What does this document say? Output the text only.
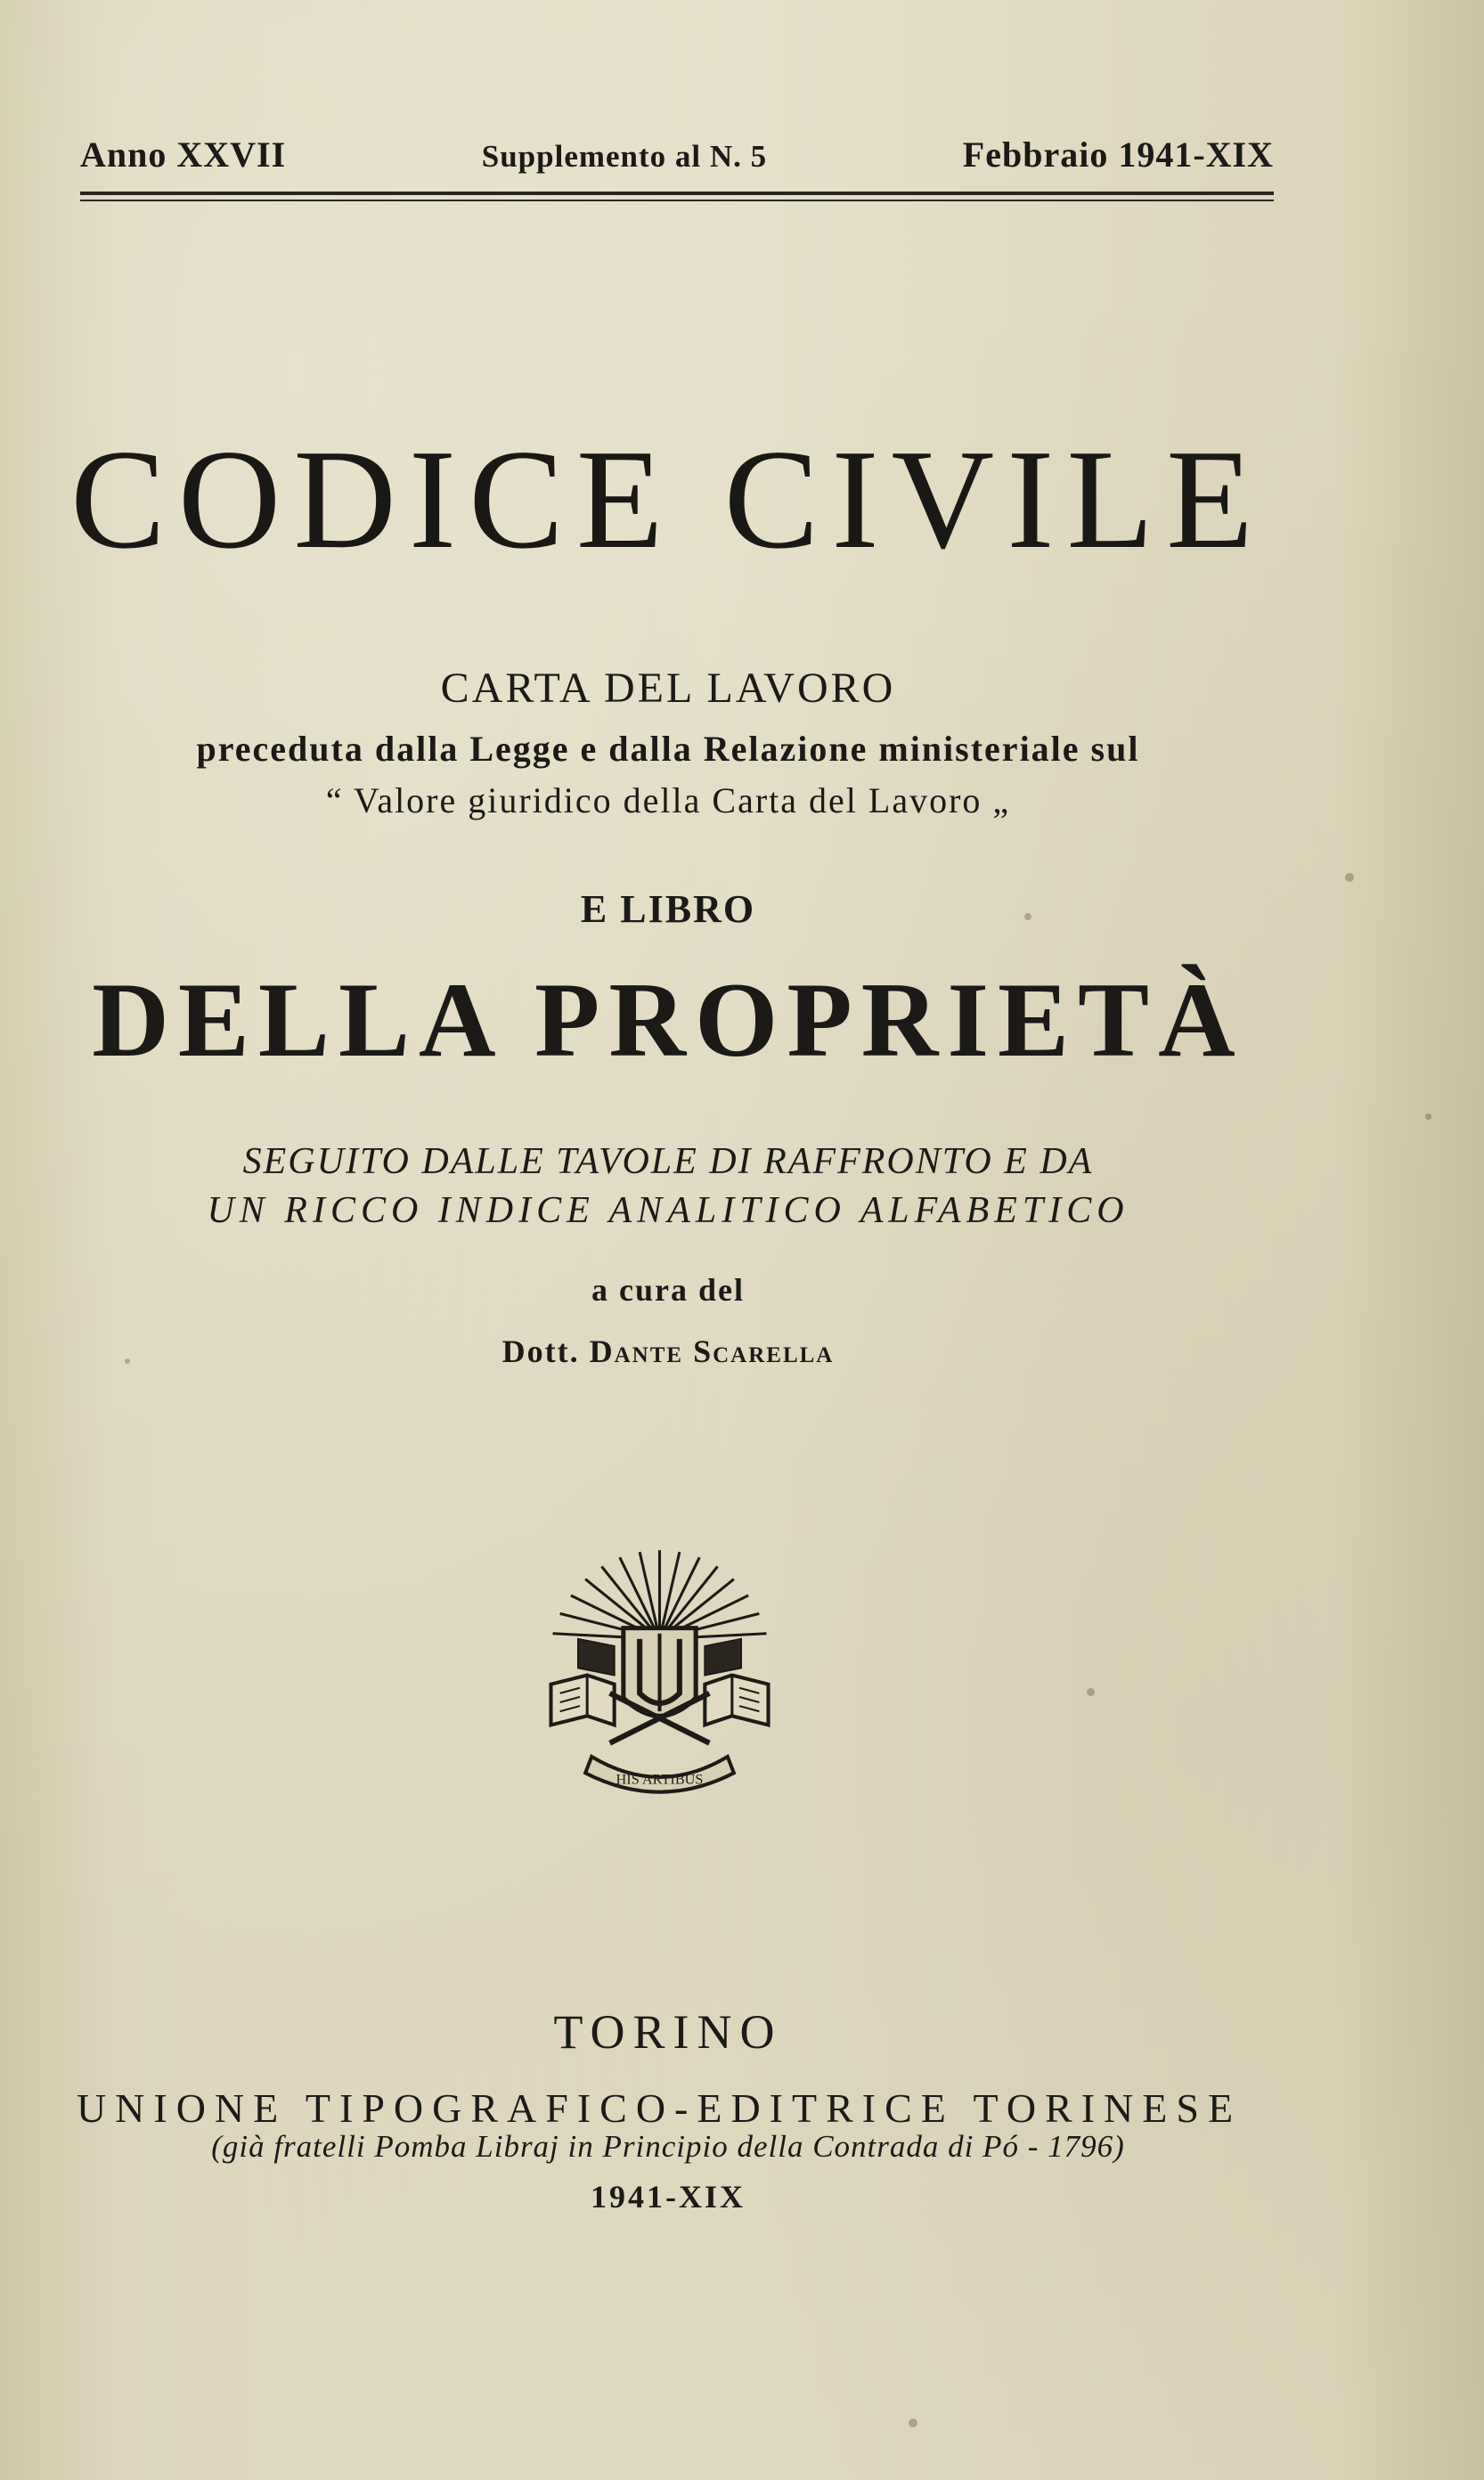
Anno XXVII	Supplemento al N. 5	Febbraio 1941-XIX
CODICE CIVILE
CARTA DEL LAVORO
preceduta dalla Legge e dalla Relazione ministeriale sul
“ Valore giuridico della Carta del Lavoro „
E LIBRO
DELLA PROPRIETÀ
SEGUITO DALLE TAVOLE DI RAFFRONTO E DA
UN RICCO INDICE ANALITICO ALFABETICO
a cura del
Dott. Dante Scarella
HIS ARTIBUS
TORINO
UNIONE TIPOGRAFICO-EDITRICE TORINESE
(già fratelli Pomba Libraj in Principio della Contrada di Pó - 1796)
1941-XIX
